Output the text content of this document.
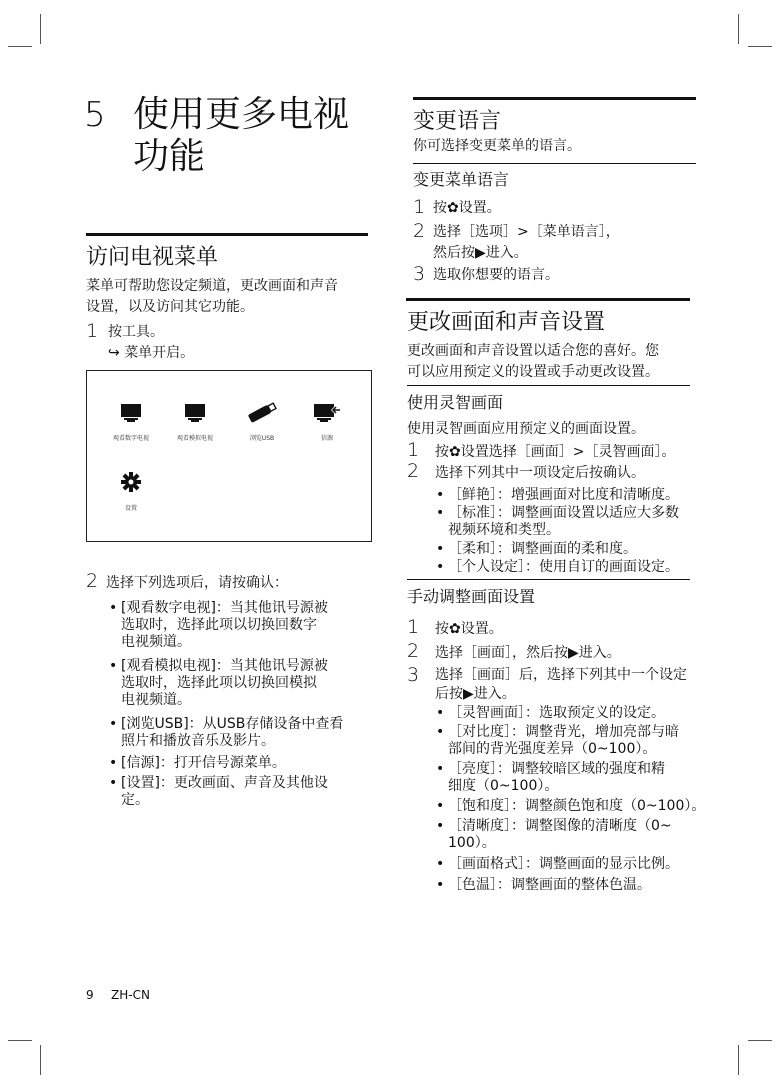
5 使用更多电视
功能
访问电视菜单
菜单可帮助您设定频道，更改画面和声音
设置，以及访问其它功能。
1 按工具。
↪ 菜单开启。
观看数字电视	观看模拟电视	浏览USB	信源
设置
2 选择下列选项后，请按确认：
• [观看数字电视]：当其他讯号源被
选取时，选择此项以切换回数字
电视频道。
• [观看模拟电视]：当其他讯号源被
选取时，选择此项以切换回模拟
电视频道。
• [浏览USB]：从USB存储设备中查看
照片和播放音乐及影片。
• [信源]：打开信号源菜单。
• [设置]：更改画面、声音及其他设
定。
变更语言
你可选择变更菜单的语言。
变更菜单语言
1 按✿设置。
2 选择［选项］>［菜单语言］，
然后按▶进入。
3 选取你想要的语言。
更改画面和声音设置
更改画面和声音设置以适合您的喜好。您
可以应用预定义的设置或手动更改设置。
使用灵智画面
使用灵智画面应用预定义的画面设置。
1 按✿设置选择［画面］>［灵智画面］。
2 选择下列其中一项设定后按确认。
• ［鲜艳］：增强画面对比度和清晰度。
• ［标准］：调整画面设置以适应大多数
视频环境和类型。
• ［柔和］：调整画面的柔和度。
• ［个人设定］：使用自订的画面设定。
手动调整画面设置
1 按✿设置。
2 选择［画面］，然后按▶进入。
3 选择［画面］后，选择下列其中一个设定
后按▶进入。
• ［灵智画面］：选取预定义的设定。
• ［对比度］：调整背光，增加亮部与暗
部间的背光强度差异（0~100）。
• ［亮度］：调整较暗区域的强度和精
细度（0~100）。
• ［饱和度］：调整颜色饱和度（0~100）。
• ［清晰度］：调整图像的清晰度（0~
100）。
• ［画面格式］：调整画面的显示比例。
• ［色温］：调整画面的整体色温。
9 ZH-CN
